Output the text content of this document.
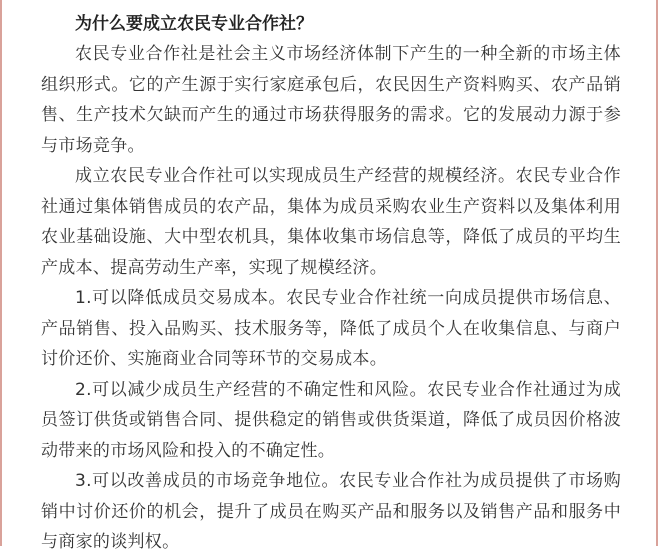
为什么要成立农民专业合作社？

农民专业合作社是社会主义市场经济体制下产生的一种全新的市场主体组织形式。它的产生源于实行家庭承包后，农民因生产资料购买、农产品销售、生产技术欠缺而产生的通过市场获得服务的需求。它的发展动力源于参与市场竞争。

成立农民专业合作社可以实现成员生产经营的规模经济。农民专业合作社通过集体销售成员的农产品，集体为成员采购农业生产资料以及集体利用农业基础设施、大中型农机具，集体收集市场信息等，降低了成员的平均生产成本、提高劳动生产率，实现了规模经济。

1.可以降低成员交易成本。农民专业合作社统一向成员提供市场信息、产品销售、投入品购买、技术服务等，降低了成员个人在收集信息、与商户讨价还价、实施商业合同等环节的交易成本。

2.可以减少成员生产经营的不确定性和风险。农民专业合作社通过为成员签订供货或销售合同、提供稳定的销售或供货渠道，降低了成员因价格波动带来的市场风险和投入的不确定性。

3.可以改善成员的市场竞争地位。农民专业合作社为成员提供了市场购销中讨价还价的机会，提升了成员在购买产品和服务以及销售产品和服务中与商家的谈判权。
